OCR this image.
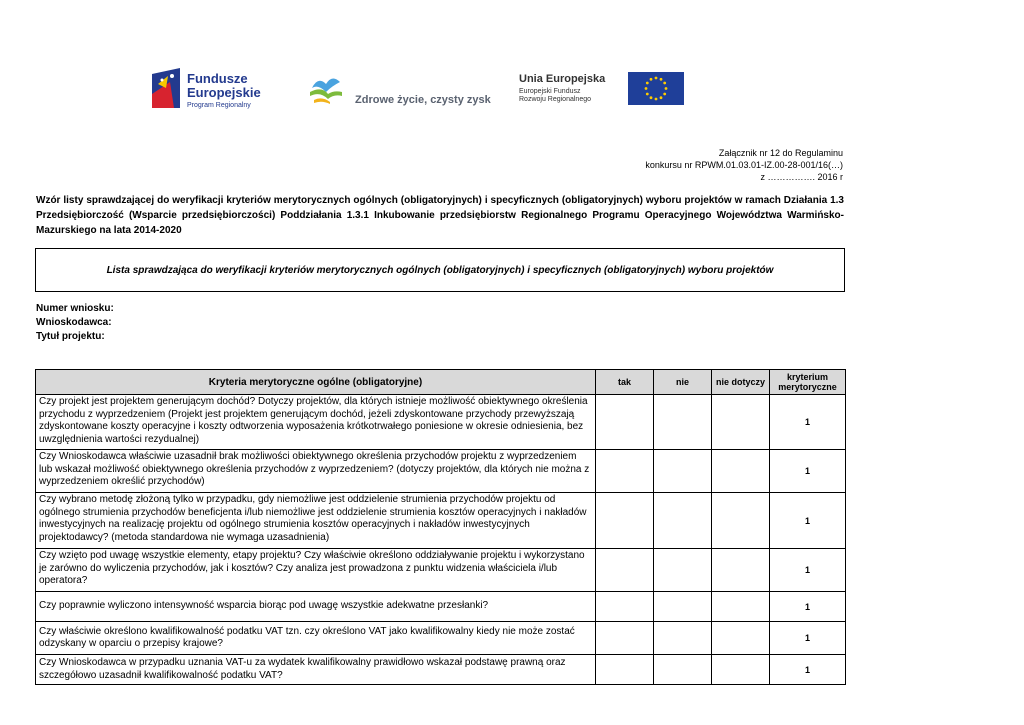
Fundusze
Europejskie
Program Regionalny	Zdrowe życie, czysty zysk
Unia Europejska
Europejski Fundusz
Rozwoju Regionalnego
Załącznik nr 12 do Regulaminu
konkursu nr RPWM.01.03.01-IZ.00-28-001/16(…)
z ……………. 2016 r
Wzór listy sprawdzającej do weryfikacji kryteriów merytorycznych ogólnych (obligatoryjnych) i specyficznych (obligatoryjnych) wyboru projektów w ramach Działania 1.3 Przedsiębiorczość (Wsparcie przedsiębiorczości) Poddziałania 1.3.1 Inkubowanie przedsiębiorstw Regionalnego Programu Operacyjnego Województwa Warmińsko-Mazurskiego na lata 2014-2020
Lista sprawdzająca do weryfikacji kryteriów merytorycznych ogólnych (obligatoryjnych) i specyficznych (obligatoryjnych) wyboru projektów
Numer wniosku:
Wnioskodawca:
Tytuł projektu:
Kryteria merytoryczne ogólne (obligatoryjne)	tak	nie	nie dotyczy	kryterium merytoryczne
Czy projekt jest projektem generującym dochód? Dotyczy projektów, dla których istnieje możliwość obiektywnego określenia przychodu z wyprzedzeniem (Projekt jest projektem generującym dochód, jeżeli zdyskontowane przychody przewyższają zdyskontowane koszty operacyjne i koszty odtworzenia wyposażenia krótkotrwałego poniesione w okresie odniesienia, bez uwzględnienia wartości rezydualnej)				1
Czy Wnioskodawca właściwie uzasadnił brak możliwości obiektywnego określenia przychodów projektu z wyprzedzeniem lub wskazał możliwość obiektywnego określenia przychodów z wyprzedzeniem? (dotyczy projektów, dla których nie można z wyprzedzeniem określić przychodów)				1
Czy wybrano metodę złożoną tylko w przypadku, gdy niemożliwe jest oddzielenie strumienia przychodów projektu od ogólnego strumienia przychodów beneficjenta i/lub niemożliwe jest oddzielenie strumienia kosztów operacyjnych i nakładów inwestycyjnych na realizację projektu od ogólnego strumienia kosztów operacyjnych i nakładów inwestycyjnych projektodawcy? (metoda standardowa nie wymaga uzasadnienia)				1
Czy wzięto pod uwagę wszystkie elementy, etapy projektu? Czy właściwie określono oddziaływanie projektu i wykorzystano je zarówno do wyliczenia przychodów, jak i kosztów? Czy analiza jest prowadzona z punktu widzenia właściciela i/lub operatora?				1
Czy poprawnie wyliczono intensywność wsparcia biorąc pod uwagę wszystkie adekwatne przesłanki?				1
Czy właściwie określono kwalifikowalność podatku VAT tzn. czy określono VAT jako kwalifikowalny kiedy nie może zostać odzyskany w oparciu o przepisy krajowe?				1
Czy Wnioskodawca w przypadku uznania VAT-u za wydatek kwalifikowalny prawidłowo wskazał podstawę prawną oraz szczegółowo uzasadnił kwalifikowalność podatku VAT?				1
